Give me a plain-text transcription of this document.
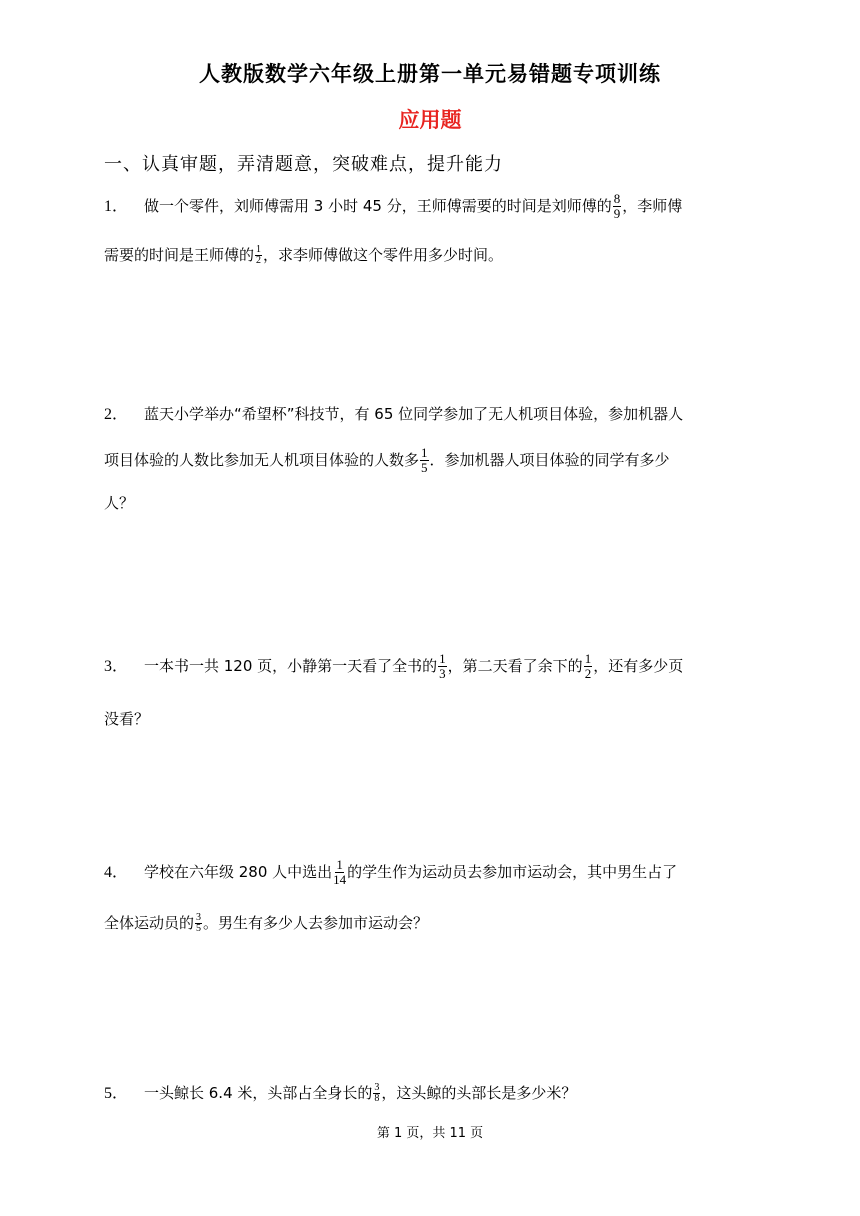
人教版数学六年级上册第一单元易错题专项训练
应用题
一、认真审题，弄清题意，突破难点，提升能力
1． 做一个零件，刘师傅需用 3 小时 45 分，王师傅需要的时间是刘师傅的 $\frac{8}{9}$ ，李师傅
需要的时间是王师傅的 $\frac{1}{2}$ ，求李师傅做这个零件用多少时间。
2． 蓝天小学举办“希望杯”科技节，有 65 位同学参加了无人机项目体验，参加机器人
项目体验的人数比参加无人机项目体验的人数多 $\frac{1}{5}$ ．参加机器人项目体验的同学有多少
人？
3． 一本书一共 120 页，小静第一天看了全书的 $\frac{1}{3}$ ，第二天看了余下的 $\frac{1}{2}$ ，还有多少页
没看？
4． 学校在六年级 280 人中选出 $\frac{1}{14}$ 的学生作为运动员去参加市运动会，其中男生占了
全体运动员的 $\frac{3}{5}$ 。男生有多少人去参加市运动会？
5． 一头鲸长 6.4 米，头部占全身长的 $\frac{3}{8}$ ，这头鲸的头部长是多少米？
第 1 页，共 11 页
